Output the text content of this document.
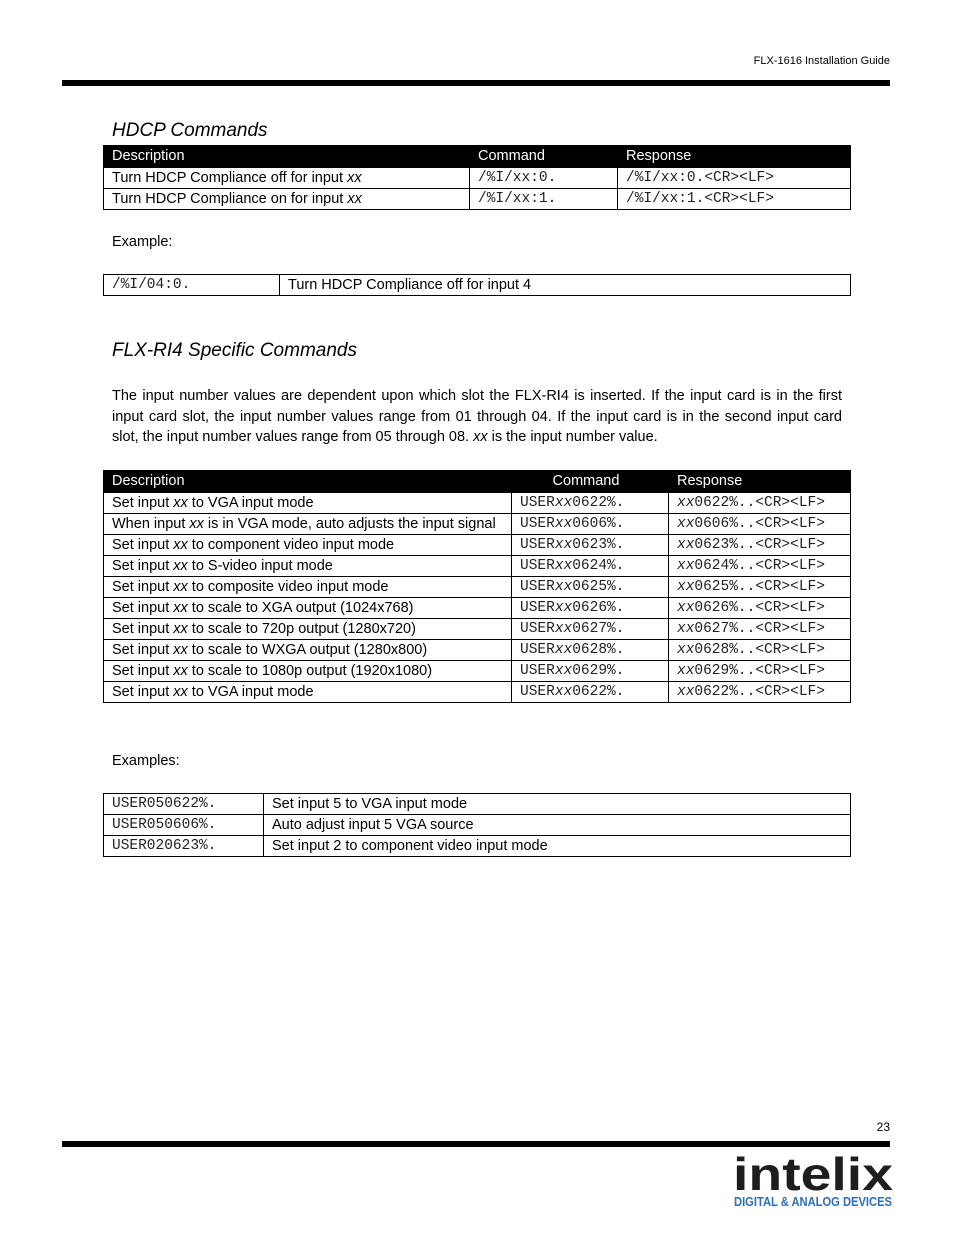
FLX-1616 Installation Guide
HDCP Commands
Description	Command	Response
Turn HDCP Compliance off for input xx	/%I/xx:0.	/%I/xx:0.<CR><LF>
Turn HDCP Compliance on for input xx	/%I/xx:1.	/%I/xx:1.<CR><LF>
Example:
/%I/04:0.	Turn HDCP Compliance off for input 4
FLX-RI4 Specific Commands
The input number values are dependent upon which slot the FLX-RI4 is inserted. If the input card is in the first input card slot, the input number values range from 01 through 04. If the input card is in the second input card slot, the input number values range from 05 through 08. xx is the input number value.
Description	Command	Response
Set input xx to VGA input mode	USERxx0622%.	xx0622%..<CR><LF>
When input xx is in VGA mode, auto adjusts the input signal	USERxx0606%.	xx0606%..<CR><LF>
Set input xx to component video input mode	USERxx0623%.	xx0623%..<CR><LF>
Set input xx to S-video input mode	USERxx0624%.	xx0624%..<CR><LF>
Set input xx to composite video input mode	USERxx0625%.	xx0625%..<CR><LF>
Set input xx to scale to XGA output (1024x768)	USERxx0626%.	xx0626%..<CR><LF>
Set input xx to scale to 720p output (1280x720)	USERxx0627%.	xx0627%..<CR><LF>
Set input xx to scale to WXGA output (1280x800)	USERxx0628%.	xx0628%..<CR><LF>
Set input xx to scale to 1080p output (1920x1080)	USERxx0629%.	xx0629%..<CR><LF>
Set input xx to VGA input mode	USERxx0622%.	xx0622%..<CR><LF>
Examples:
USER050622%.	Set input 5 to VGA input mode
USER050606%.	Auto adjust input 5 VGA source
USER020623%.	Set input 2 to component video input mode
23
intelix
DIGITAL & ANALOG DEVICES
